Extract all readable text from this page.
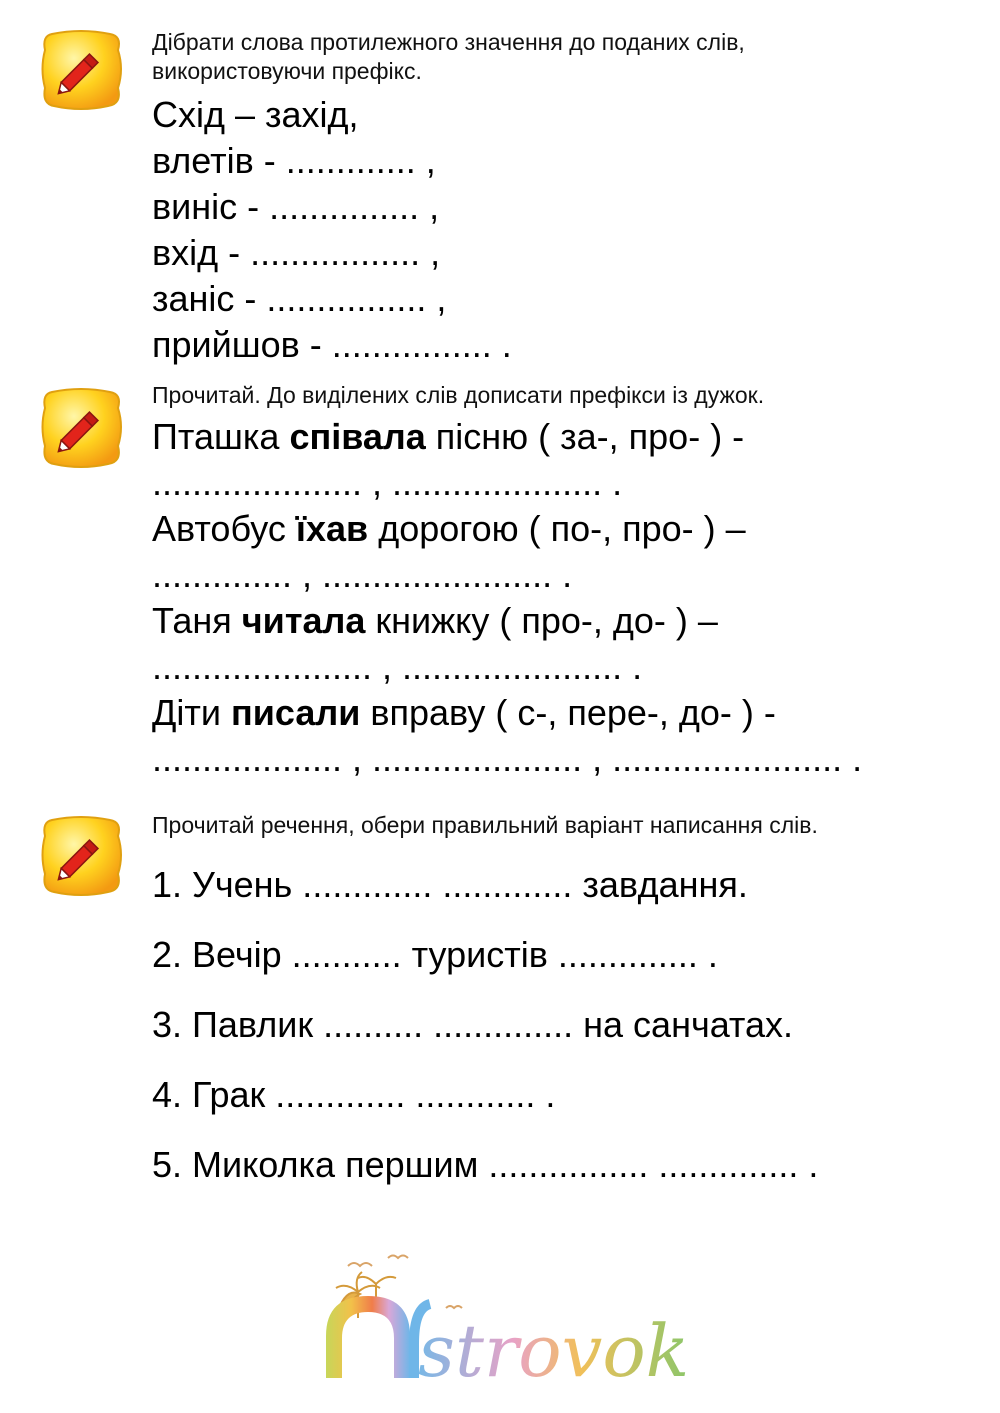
Дібрати слова протилежного значення до поданих слів,
використовуючи префікс.
Схід – захід,
влетів - ............. ,
виніс - ............... ,
вхід - ................. ,
заніс - ................ ,
прийшов - ................ .
Прочитай. До виділених слів дописати префікси із дужок.
Пташка співала пісню ( за-, про- ) -
..................... , ..................... .
Автобус їхав дорогою ( по-, про- ) –
.............. , ....................... .
Таня читала книжку ( про-, до- ) –
...................... , ...................... .
Діти писали вправу ( с-, пере-, до- ) -
................... , ..................... , ....................... .
Прочитай речення, обери правильний варіант написання слів.
1. Учень ............. ............. завдання.
2. Вечір ........... туристів .............. .
3. Павлик .......... .............. на санчатах.
4. Грак ............. ............ .
5. Миколка першим ................ .............. .
strovok
